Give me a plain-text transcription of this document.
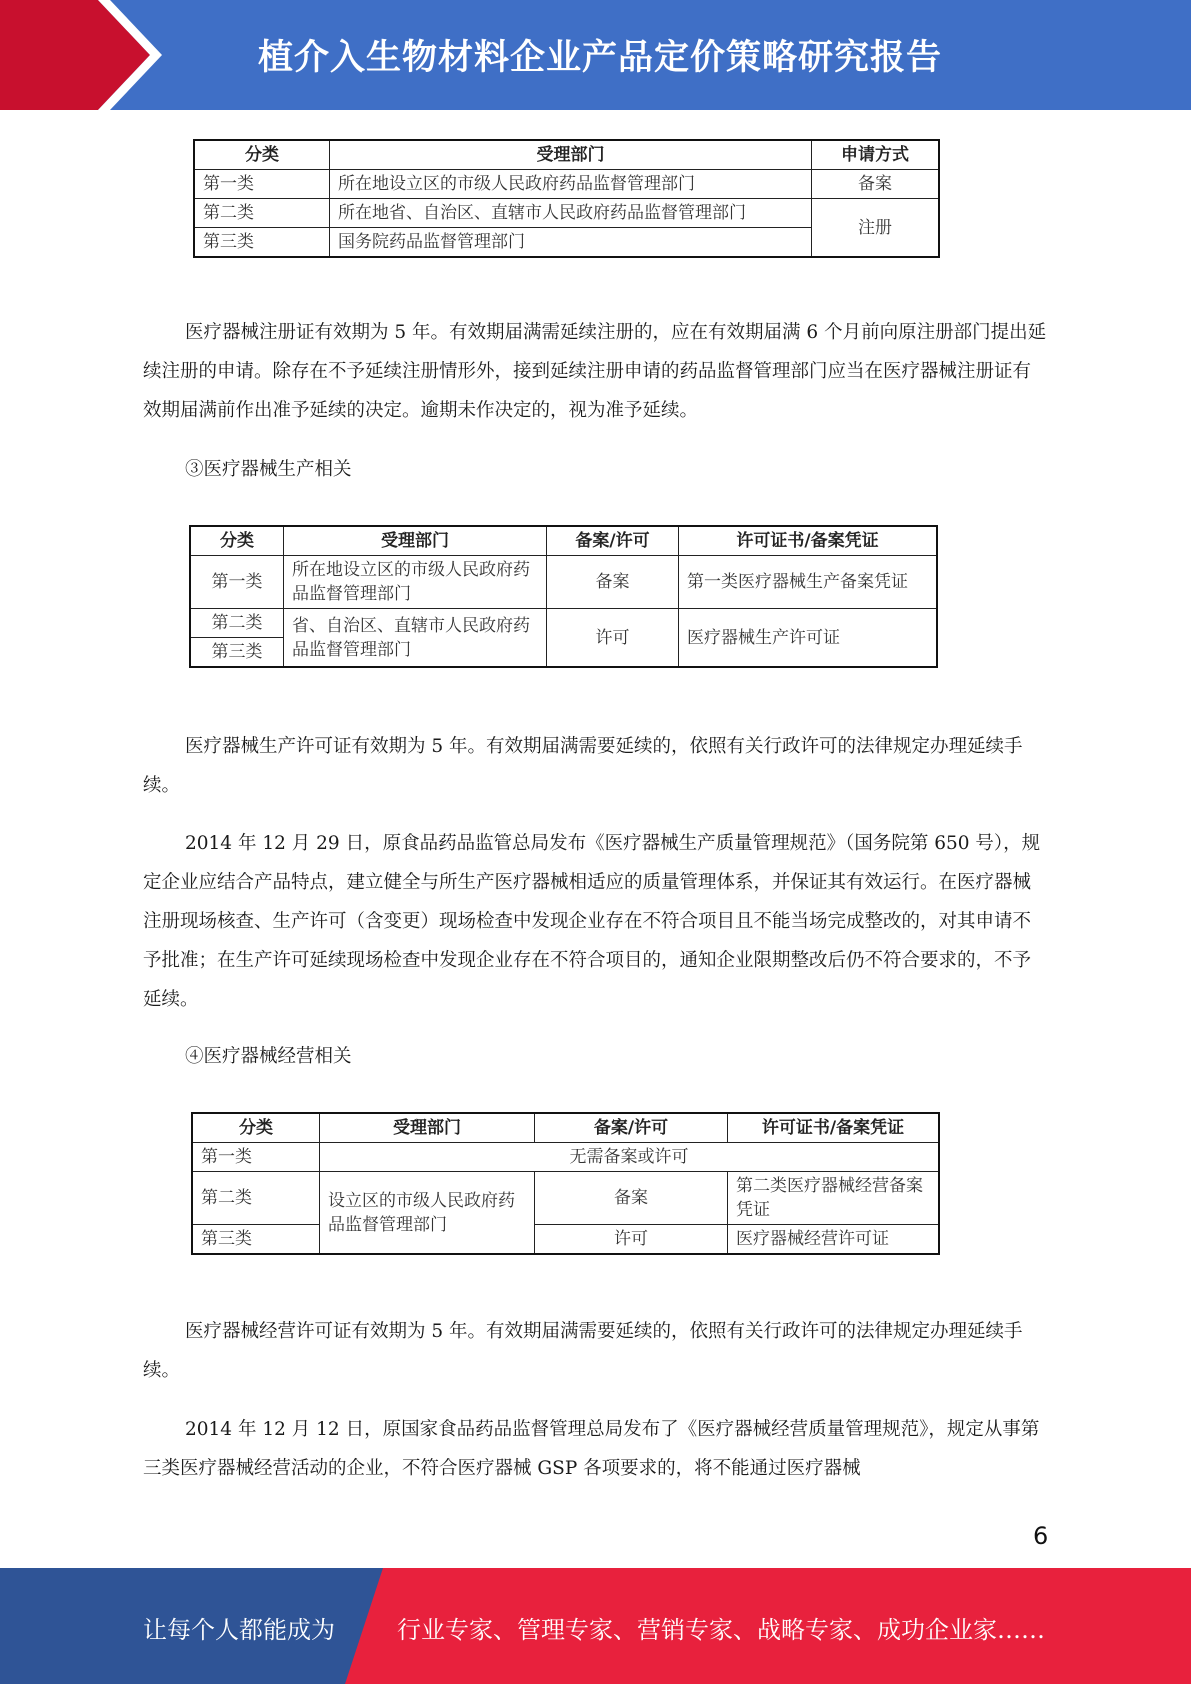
植介入生物材料企业产品定价策略研究报告
分类	受理部门	申请方式
第一类	所在地设立区的市级人民政府药品监督管理部门	备案
第二类	所在地省、自治区、直辖市人民政府药品监督管理部门	注册
第三类	国务院药品监督管理部门	
医疗器械注册证有效期为 5 年。有效期届满需延续注册的，应在有效期届满 6 个月前向原注册部门提出延续注册的申请。除存在不予延续注册情形外，接到延续注册申请的药品监督管理部门应当在医疗器械注册证有效期届满前作出准予延续的决定。逾期未作决定的，视为准予延续。
③医疗器械生产相关
分类	受理部门	备案/许可	许可证书/备案凭证
第一类	所在地设立区的市级人民政府药品监督管理部门	备案	第一类医疗器械生产备案凭证
第二类	省、自治区、直辖市人民政府药品监督管理部门	许可	医疗器械生产许可证
第三类			
医疗器械生产许可证有效期为 5 年。有效期届满需要延续的，依照有关行政许可的法律规定办理延续手续。
2014 年 12 月 29 日，原食品药品监管总局发布《医疗器械生产质量管理规范》（国务院第 650 号），规定企业应结合产品特点，建立健全与所生产医疗器械相适应的质量管理体系，并保证其有效运行。在医疗器械注册现场核查、生产许可（含变更）现场检查中发现企业存在不符合项目且不能当场完成整改的，对其申请不予批准；在生产许可延续现场检查中发现企业存在不符合项目的，通知企业限期整改后仍不符合要求的，不予延续。
④医疗器械经营相关
分类	受理部门	备案/许可	许可证书/备案凭证
第一类	无需备案或许可		
第二类	设立区的市级人民政府药品监督管理部门	备案	第二类医疗器械经营备案凭证
第三类		许可	医疗器械经营许可证
医疗器械经营许可证有效期为 5 年。有效期届满需要延续的，依照有关行政许可的法律规定办理延续手续。
2014 年 12 月 12 日，原国家食品药品监督管理总局发布了《医疗器械经营质量管理规范》，规定从事第三类医疗器械经营活动的企业，不符合医疗器械 GSP 各项要求的，将不能通过医疗器械
6
让每个人都能成为	行业专家、管理专家、营销专家、战略专家、成功企业家……
